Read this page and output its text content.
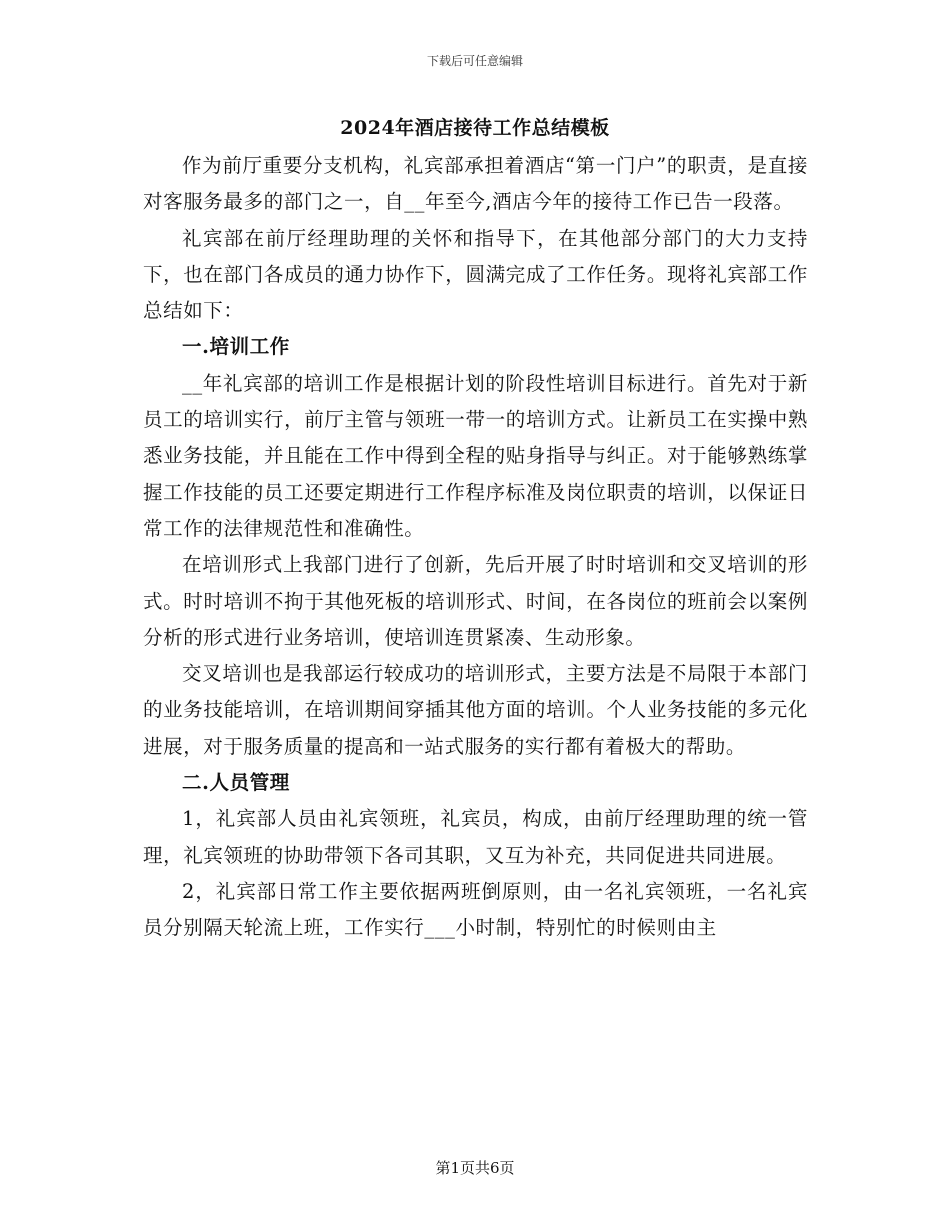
下载后可任意编辑
2024年酒店接待工作总结模板

作为前厅重要分支机构，礼宾部承担着酒店“第一门户”的职责，是直接对客服务最多的部门之一，自__年至今,酒店今年的接待工作已告一段落。

礼宾部在前厅经理助理的关怀和指导下，在其他部分部门的大力支持下，也在部门各成员的通力协作下，圆满完成了工作任务。现将礼宾部工作总结如下：

一.培训工作

__年礼宾部的培训工作是根据计划的阶段性培训目标进行。首先对于新员工的培训实行，前厅主管与领班一带一的培训方式。让新员工在实操中熟悉业务技能，并且能在工作中得到全程的贴身指导与纠正。对于能够熟练掌握工作技能的员工还要定期进行工作程序标准及岗位职责的培训，以保证日常工作的法律规范性和准确性。

在培训形式上我部门进行了创新，先后开展了时时培训和交叉培训的形式。时时培训不拘于其他死板的培训形式、时间，在各岗位的班前会以案例分析的形式进行业务培训，使培训连贯紧凑、生动形象。

交叉培训也是我部运行较成功的培训形式，主要方法是不局限于本部门的业务技能培训，在培训期间穿插其他方面的培训。个人业务技能的多元化进展，对于服务质量的提高和一站式服务的实行都有着极大的帮助。

二.人员管理

1，礼宾部人员由礼宾领班，礼宾员，构成，由前厅经理助理的统一管理，礼宾领班的协助带领下各司其职，又互为补充，共同促进共同进展。

2，礼宾部日常工作主要依据两班倒原则，由一名礼宾领班，一名礼宾员分别隔天轮流上班，工作实行___小时制，特别忙的时候则由主

第1页共6页
